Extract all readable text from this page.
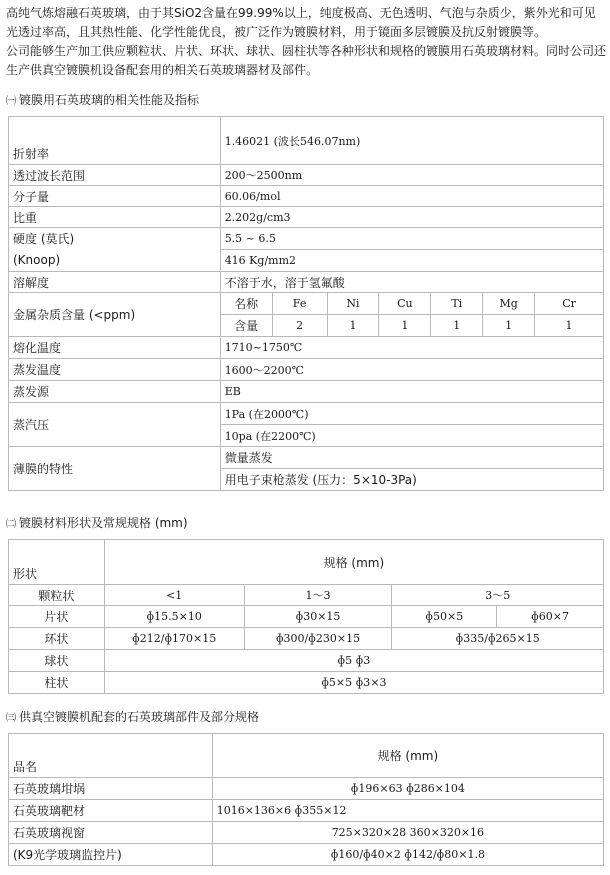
高纯气炼熔融石英玻璃，由于其SiO2含量在99.99%以上，纯度极高、无色透明、气泡与杂质少，紫外光和可见光透过率高，且其热性能、化学性能优良，被广泛作为镀膜材料，用于镜面多层镀膜及抗反射镀膜等。

公司能够生产加工供应颗粒状、片状、环状、球状、圆柱状等各种形状和规格的镀膜用石英玻璃材料。同时公司还生产供真空镀膜机设备配套用的相关石英玻璃器材及部件。

㈠ 镀膜用石英玻璃的相关性能及指标
折射率	1.46021 (波长546.07nm)						
透过波长范围	200～2500nm						
分子量	60.06/mol						
比重	2.202g/cm3						
硬度 (莫氏)	5.5 ~ 6.5						
(Knoop)	416 Kg/mm2						
溶解度	不溶于水，溶于氢氟酸						
金属杂质含量 (<ppm)	名称	Fe	Ni	Cu	Ti	Mg	Cr
	含量	2	1	1	1	1	1
熔化温度	1710~1750℃						
蒸发温度	1600～2200℃						
蒸发源	EB						
蒸汽压	1Pa (在2000℃)						
	10pa (在2200℃)						
薄膜的特性	微量蒸发						
	用电子束枪蒸发 (压力：5×10-3Pa)						
㈡ 镀膜材料形状及常规规格 (mm)
形状	规格 (mm)			
颗粒状	<1	1～3	3～5	
片状	ɸ15.5×10	ɸ30×15	ɸ50×5	ɸ60×7
环状	ɸ212/ɸ170×15	ɸ300/ɸ230×15	ɸ335/ɸ265×15	
球状	ɸ5 ɸ3			
柱状	ɸ5×5 ɸ3×3			
㈢ 供真空镀膜机配套的石英玻璃部件及部分规格
品名	规格 (mm)
石英玻璃坩埚	ɸ196×63 ɸ286×104
石英玻璃靶材	1016×136×6 ɸ355×12
石英玻璃视窗	725×320×28 360×320×16
(K9光学玻璃监控片)	ɸ160/ɸ40×2 ɸ142/ɸ80×1.8
